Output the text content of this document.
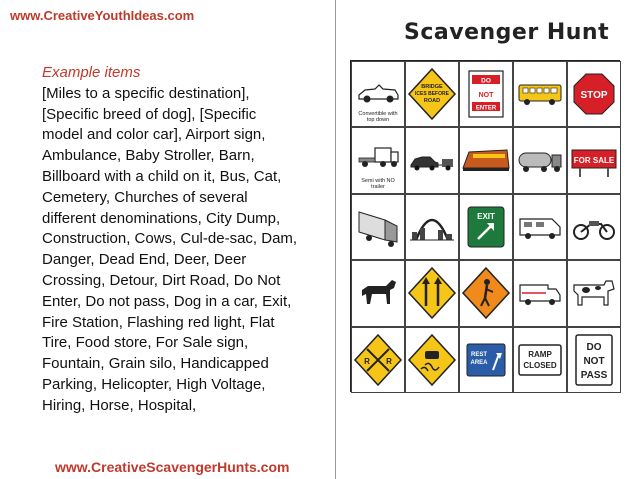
www.CreativeYouthIdeas.com
Example items
[Miles to a specific destination],
[Specific breed of dog], [Specific
model and color car], Airport sign,
Ambulance, Baby Stroller, Barn,
Billboard with a child on it, Bus, Cat,
Cemetery, Churches of several
different denominations, City Dump,
Construction, Cows, Cul-de-sac, Dam,
Danger, Dead End, Deer, Deer
Crossing, Detour, Dirt Road, Do Not
Enter, Do not pass, Dog in a car, Exit,
Fire Station, Flashing red light, Flat
Tire, Food store, For Sale sign,
Fountain, Grain silo, Handicapped
Parking, Helicopter, High Voltage,
Hiring, Horse, Hospital,
www.CreativeScavengerHunts.com
Scavenger Hunt
Convertible with top down
BRIDGE
ICES BEFORE
ROAD
DO
NOT
ENTER
STOP
Semi with NO trailer
FOR SALE
EXIT
R R
REST
AREA
RAMP
CLOSED
DO
NOT
PASS
